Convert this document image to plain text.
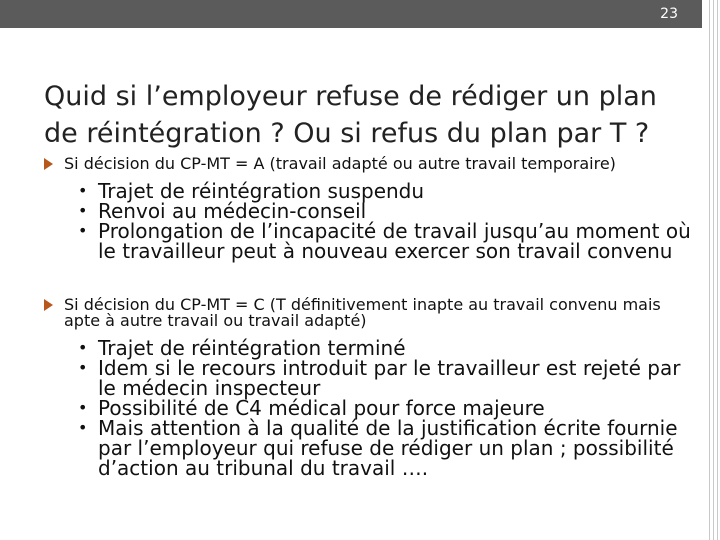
23
Quid si l’employeur refuse de rédiger un plan de réintégration ? Ou si refus du plan par T ?
Si décision du CP-MT = A (travail adapté ou autre travail temporaire)
• Trajet de réintégration suspendu
• Renvoi au médecin-conseil
• Prolongation de l’incapacité de travail jusqu’au moment où le travailleur peut à nouveau exercer son travail convenu
Si décision du CP-MT = C (T définitivement inapte au travail convenu mais apte à autre travail ou travail adapté)
• Trajet de réintégration terminé
• Idem si le recours introduit par le travailleur est rejeté par le médecin inspecteur
• Possibilité de C4 médical pour force majeure
• Mais attention à la qualité de la justification écrite fournie par l’employeur qui refuse de rédiger un plan ; possibilité d’action au tribunal du travail ….
